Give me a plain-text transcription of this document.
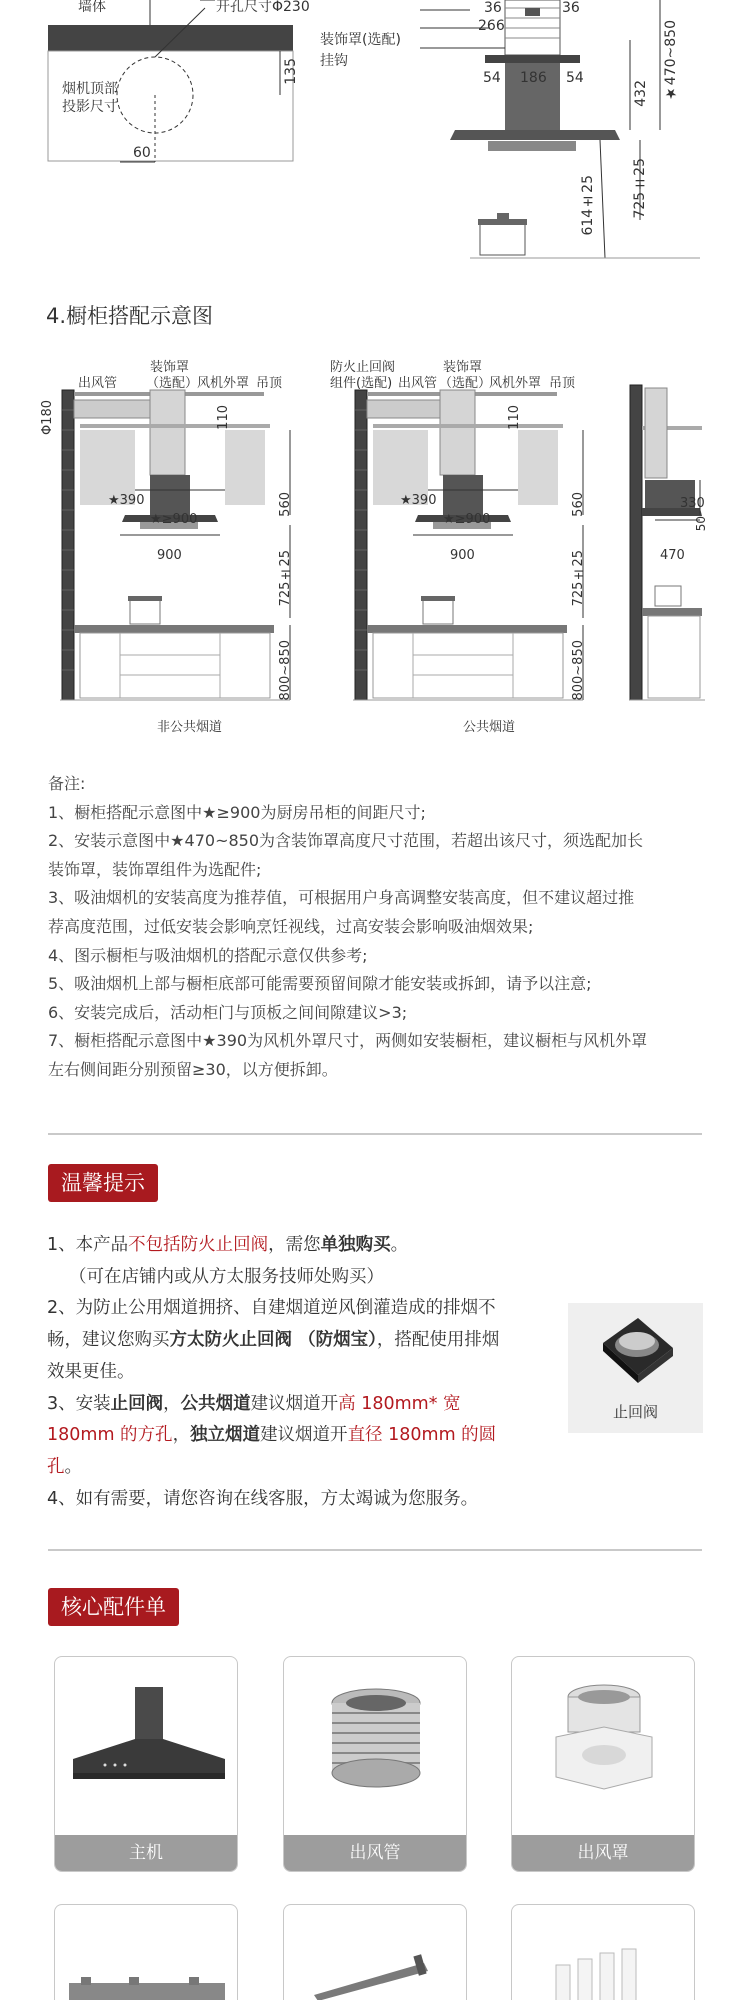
墙体	开孔尺寸Φ230
烟机顶部
投影尺寸
135
60
36	36
266
装饰罩(选配)
挂钩
54 186 54
432 ★470~850
614±25	725±25
4.橱柜搭配示意图
出风管
装饰罩
（选配）
风机外罩 吊顶
Φ180	110
★390
★≥900
560
900	725±25
800~850
非公共烟道
防火止回阀
组件(选配) 出风管
装饰罩
（选配）
风机外罩 吊顶
110
★390
★≥900
560
900	725±25
800~850
公共烟道
330
50
470
备注:
1、橱柜搭配示意图中★≥900为厨房吊柜的间距尺寸;
2、安装示意图中★470~850为含装饰罩高度尺寸范围，若超出该尺寸，须选配加长
装饰罩，装饰罩组件为选配件;
3、吸油烟机的安装高度为推荐值，可根据用户身高调整安装高度，但不建议超过推
荐高度范围，过低安装会影响烹饪视线，过高安装会影响吸油烟效果;
4、图示橱柜与吸油烟机的搭配示意仅供参考;
5、吸油烟机上部与橱柜底部可能需要预留间隙才能安装或拆卸，请予以注意;
6、安装完成后，活动柜门与顶板之间间隙建议>3;
7、橱柜搭配示意图中★390为风机外罩尺寸，两侧如安装橱柜，建议橱柜与风机外罩
左右侧间距分别预留≥30，以方便拆卸。
温馨提示
1、本产品不包括防火止回阀，需您单独购买。
（可在店铺内或从方太服务技师处购买）
2、为防止公用烟道拥挤、自建烟道逆风倒灌造成的排烟不畅，建议您购买方太防火止回阀 （防烟宝），搭配使用排烟效果更佳。
3、安装止回阀，公共烟道建议烟道开高 180mm* 宽 180mm 的方孔，独立烟道建议烟道开直径 180mm 的圆孔。
4、如有需要，请您咨询在线客服，方太竭诚为您服务。
止回阀
核心配件单
主机	出风管	出风罩
